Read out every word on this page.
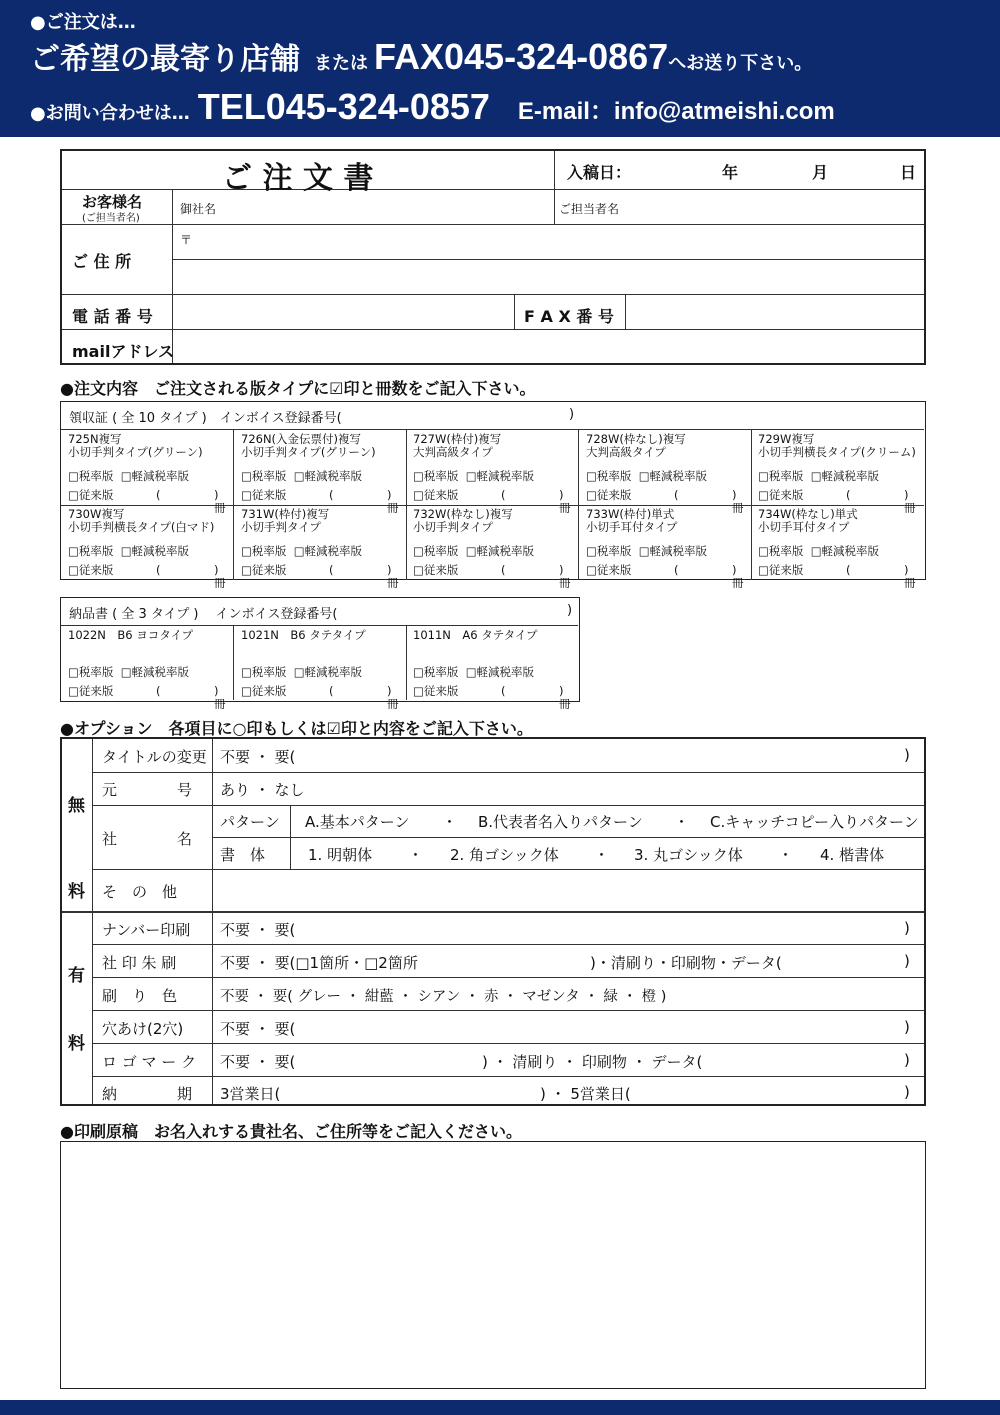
●ご注文は…
ご希望の最寄り店舗 または FAX045-324-0867へお送り下さい。
●お問い合わせは… TEL045-324-0857 E-mail：info@atmeishi.com
ご 注 文 書	入稿日：	年	月	日
お客様名
(ご担当者名)
御社名	ご担当者名
ご 住 所
〒
電 話 番 号	F A X 番 号
mailアドレス
●注文内容　ご注文される版タイプに☑印と冊数をご記入下さい。
領収証 ( 全 10 タイプ )　インボイス登録番号(	)
725N複写
小切手判タイプ(グリーン)
□税率版 □軽減税率版
□従来版	(	)冊
726N(入金伝票付)複写
小切手判タイプ(グリーン)
□税率版 □軽減税率版
□従来版	(	)冊
727W(枠付)複写
大判高級タイプ
□税率版 □軽減税率版
□従来版	(	)冊
728W(枠なし)複写
大判高級タイプ
□税率版 □軽減税率版
□従来版	(	)冊
729W複写
小切手判横長タイプ(クリーム)
□税率版 □軽減税率版
□従来版	(	)冊
730W複写
小切手判横長タイプ(白マド)
□税率版 □軽減税率版
□従来版	(	)冊
731W(枠付)複写
小切手判タイプ
□税率版 □軽減税率版
□従来版	(	)冊
732W(枠なし)複写
小切手判タイプ
□税率版 □軽減税率版
□従来版	(	)冊
733W(枠付)単式
小切手耳付タイプ
□税率版 □軽減税率版
□従来版	(	)冊
734W(枠なし)単式
小切手耳付タイプ
□税率版 □軽減税率版
□従来版	(	)冊
納品書 ( 全 3 タイプ )　 インボイス登録番号(	)
1022N　B6 ヨコタイプ
□税率版 □軽減税率版
□従来版	(	)冊
1021N　B6 タテタイプ
□税率版 □軽減税率版
□従来版	(	)冊
1011N　A6 タテタイプ
□税率版 □軽減税率版
□従来版	(	)冊
●オプション　各項目に○印もしくは☑印と内容をご記入下さい。
無
料
有
料
タイトルの変更 不要 ・ 要(	)
元　　　　号 あり ・ なし
社　　　　名
パターン A.基本パターン ・ B.代表者名入りパターン ・ C.キャッチコピー入りパターン
書　体	1. 明朝体 ・ 2. 角ゴシック体 ・ 3. 丸ゴシック体 ・ 4. 楷書体
そ　の　他
ナンバー印刷 不要 ・ 要(	)
社 印 朱 刷	不要 ・ 要(□1箇所・□2箇所	)・清刷り・印刷物・データ(	)
刷　り　色	不要 ・ 要( グレー ・ 紺藍 ・ シアン ・ 赤 ・ マゼンタ ・ 緑 ・ 橙 )
穴あけ(2穴) 不要 ・ 要(	)
ロ ゴ マ ー ク 不要 ・ 要(	) ・ 清刷り ・ 印刷物 ・ データ(	)
納　　　　期 3営業日(	) ・ 5営業日(	)
●印刷原稿　お名入れする貴社名、ご住所等をご記入ください。
